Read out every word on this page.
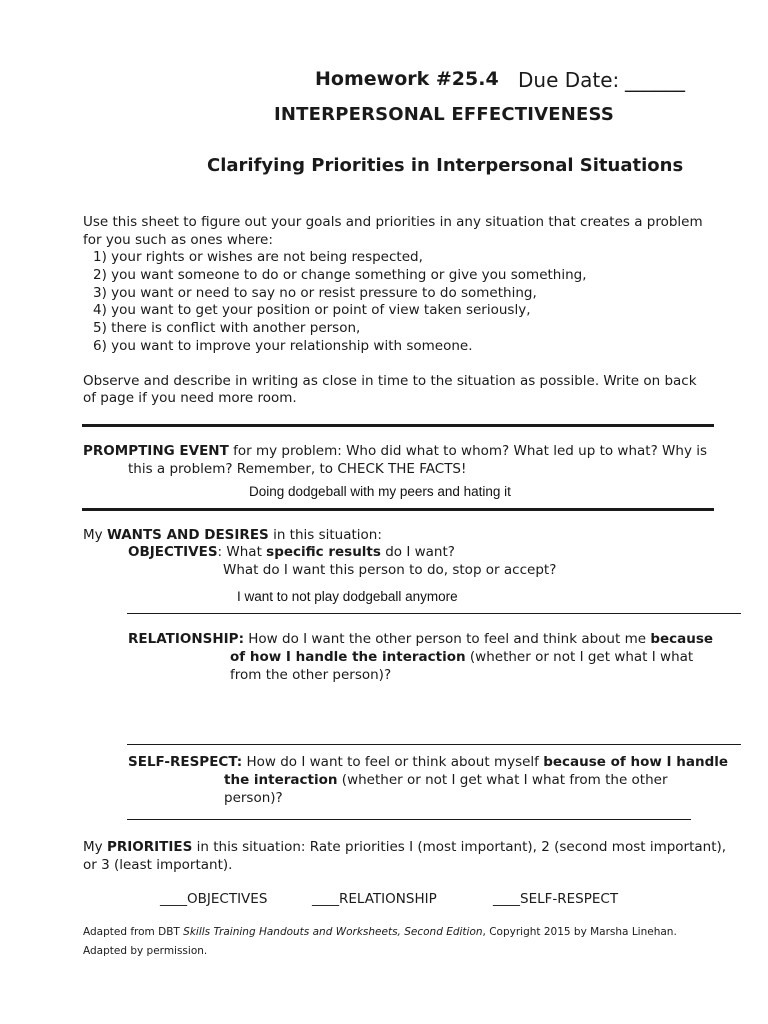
Homework #25.4 Due Date: ______
INTERPERSONAL EFFECTIVENESS
Clarifying Priorities in Interpersonal Situations
Use this sheet to figure out your goals and priorities in any situation that creates a problem
for you such as ones where:
1) your rights or wishes are not being respected,
2) you want someone to do or change something or give you something,
3) you want or need to say no or resist pressure to do something,
4) you want to get your position or point of view taken seriously,
5) there is conflict with another person,
6) you want to improve your relationship with someone.
Observe and describe in writing as close in time to the situation as possible. Write on back
of page if you need more room.
PROMPTING EVENT for my problem: Who did what to whom? What led up to what? Why is
this a problem? Remember, to CHECK THE FACTS!
Doing dodgeball with my peers and hating it
My WANTS AND DESIRES in this situation:
OBJECTIVES: What specific results do I want?
What do I want this person to do, stop or accept?
I want to not play dodgeball anymore
RELATIONSHIP: How do I want the other person to feel and think about me because
of how I handle the interaction (whether or not I get what I what
from the other person)?
SELF-RESPECT: How do I want to feel or think about myself because of how I handle
the interaction (whether or not I get what I what from the other
person)?
My PRIORITIES in this situation: Rate priorities I (most important), 2 (second most important),
or 3 (least important).
____OBJECTIVES	____RELATIONSHIP	____SELF-RESPECT
Adapted from DBT Skills Training Handouts and Worksheets, Second Edition, Copyright 2015 by Marsha Linehan.
Adapted by permission.
